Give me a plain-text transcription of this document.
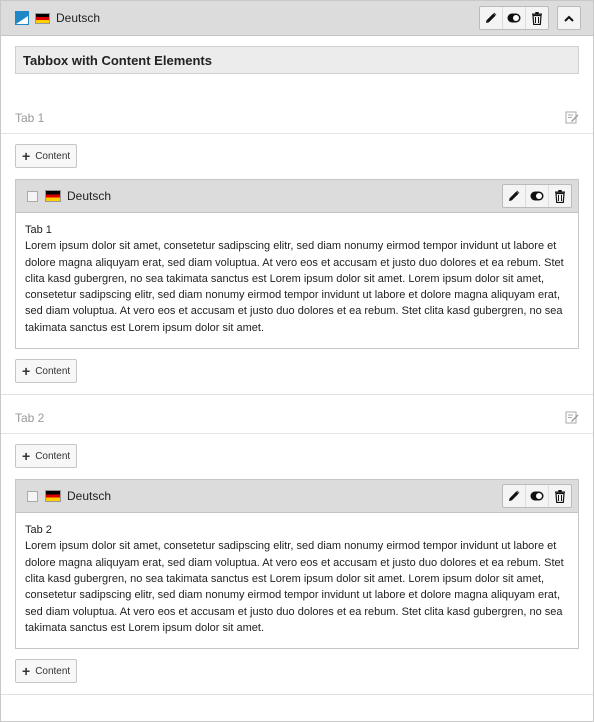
Deutsch
Tabbox with Content Elements
Tab 1
+ Content
Deutsch
Tab 1
Lorem ipsum dolor sit amet, consetetur sadipscing elitr, sed diam nonumy eirmod tempor invidunt ut labore et dolore magna aliquyam erat, sed diam voluptua. At vero eos et accusam et justo duo dolores et ea rebum. Stet clita kasd gubergren, no sea takimata sanctus est Lorem ipsum dolor sit amet. Lorem ipsum dolor sit amet, consetetur sadipscing elitr, sed diam nonumy eirmod tempor invidunt ut labore et dolore magna aliquyam erat, sed diam voluptua. At vero eos et accusam et justo duo dolores et ea rebum. Stet clita kasd gubergren, no sea takimata sanctus est Lorem ipsum dolor sit amet.
+ Content
Tab 2
+ Content
Deutsch
Tab 2
Lorem ipsum dolor sit amet, consetetur sadipscing elitr, sed diam nonumy eirmod tempor invidunt ut labore et dolore magna aliquyam erat, sed diam voluptua. At vero eos et accusam et justo duo dolores et ea rebum. Stet clita kasd gubergren, no sea takimata sanctus est Lorem ipsum dolor sit amet. Lorem ipsum dolor sit amet, consetetur sadipscing elitr, sed diam nonumy eirmod tempor invidunt ut labore et dolore magna aliquyam erat, sed diam voluptua. At vero eos et accusam et justo duo dolores et ea rebum. Stet clita kasd gubergren, no sea takimata sanctus est Lorem ipsum dolor sit amet.
+ Content
